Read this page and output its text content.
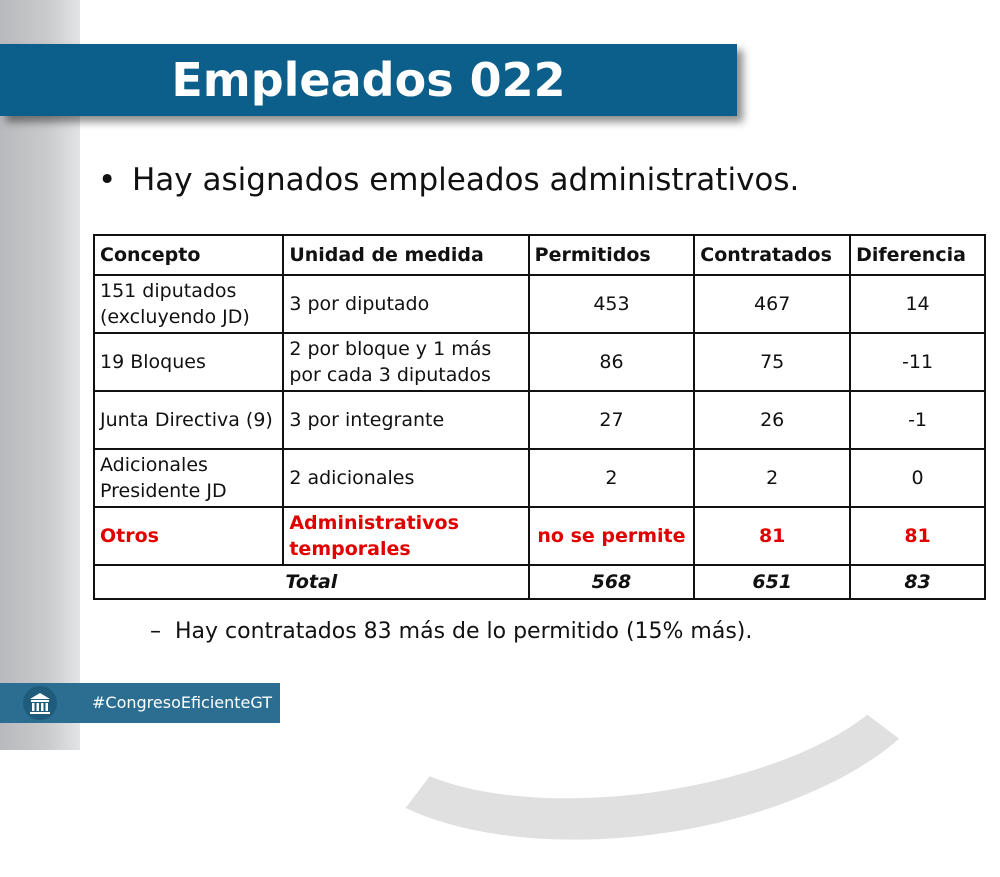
Empleados 022
• Hay asignados empleados administrativos.
Concepto	Unidad de medida	Permitidos	Contratados	Diferencia
151 diputados (excluyendo JD)	3 por diputado	453	467	14
19 Bloques	2 por bloque y 1 más por cada 3 diputados	86	75	-11
Junta Directiva (9)	3 por integrante	27	26	-1
Adicionales Presidente JD	2 adicionales	2	2	0
Otros	Administrativos temporales	no se permite	81	81
Total		568	651	83
– Hay contratados 83 más de lo permitido (15% más).
#CongresoEficienteGT
